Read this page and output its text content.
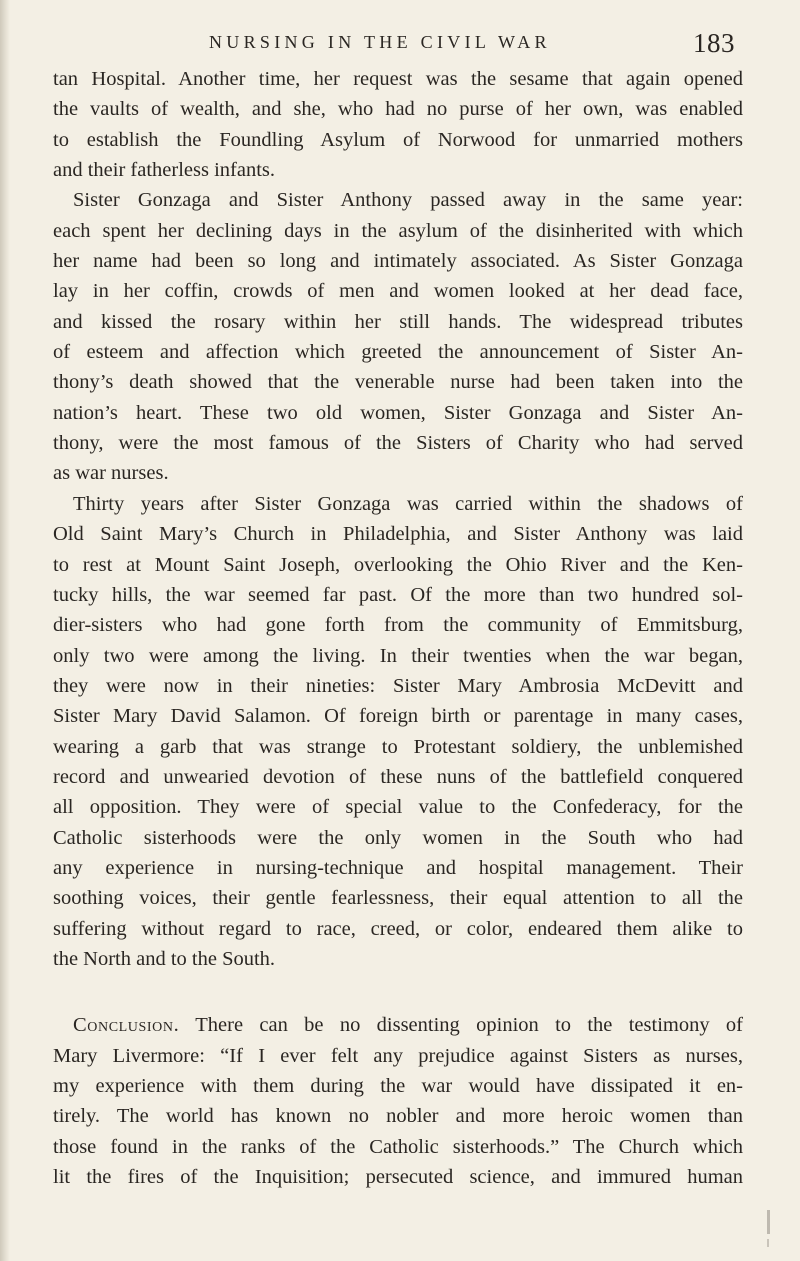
NURSING IN THE CIVIL WAR	183
tan Hospital. Another time, her request was the sesame that again opened
the vaults of wealth, and she, who had no purse of her own, was enabled
to establish the Foundling Asylum of Norwood for unmarried mothers
and their fatherless infants.
Sister Gonzaga and Sister Anthony passed away in the same year:
each spent her declining days in the asylum of the disinherited with which
her name had been so long and intimately associated. As Sister Gonzaga
lay in her coffin, crowds of men and women looked at her dead face,
and kissed the rosary within her still hands. The widespread tributes
of esteem and affection which greeted the announcement of Sister An-
thony’s death showed that the venerable nurse had been taken into the
nation’s heart. These two old women, Sister Gonzaga and Sister An-
thony, were the most famous of the Sisters of Charity who had served
as war nurses.
Thirty years after Sister Gonzaga was carried within the shadows of
Old Saint Mary’s Church in Philadelphia, and Sister Anthony was laid
to rest at Mount Saint Joseph, overlooking the Ohio River and the Ken-
tucky hills, the war seemed far past. Of the more than two hundred sol-
dier-sisters who had gone forth from the community of Emmitsburg,
only two were among the living. In their twenties when the war began,
they were now in their nineties: Sister Mary Ambrosia McDevitt and
Sister Mary David Salamon. Of foreign birth or parentage in many cases,
wearing a garb that was strange to Protestant soldiery, the unblemished
record and unwearied devotion of these nuns of the battlefield conquered
all opposition. They were of special value to the Confederacy, for the
Catholic sisterhoods were the only women in the South who had
any experience in nursing-technique and hospital management. Their
soothing voices, their gentle fearlessness, their equal attention to all the
suffering without regard to race, creed, or color, endeared them alike to
the North and to the South.
Conclusion. There can be no dissenting opinion to the testimony of
Mary Livermore: “If I ever felt any prejudice against Sisters as nurses,
my experience with them during the war would have dissipated it en-
tirely. The world has known no nobler and more heroic women than
those found in the ranks of the Catholic sisterhoods.” The Church which
lit the fires of the Inquisition; persecuted science, and immured human
